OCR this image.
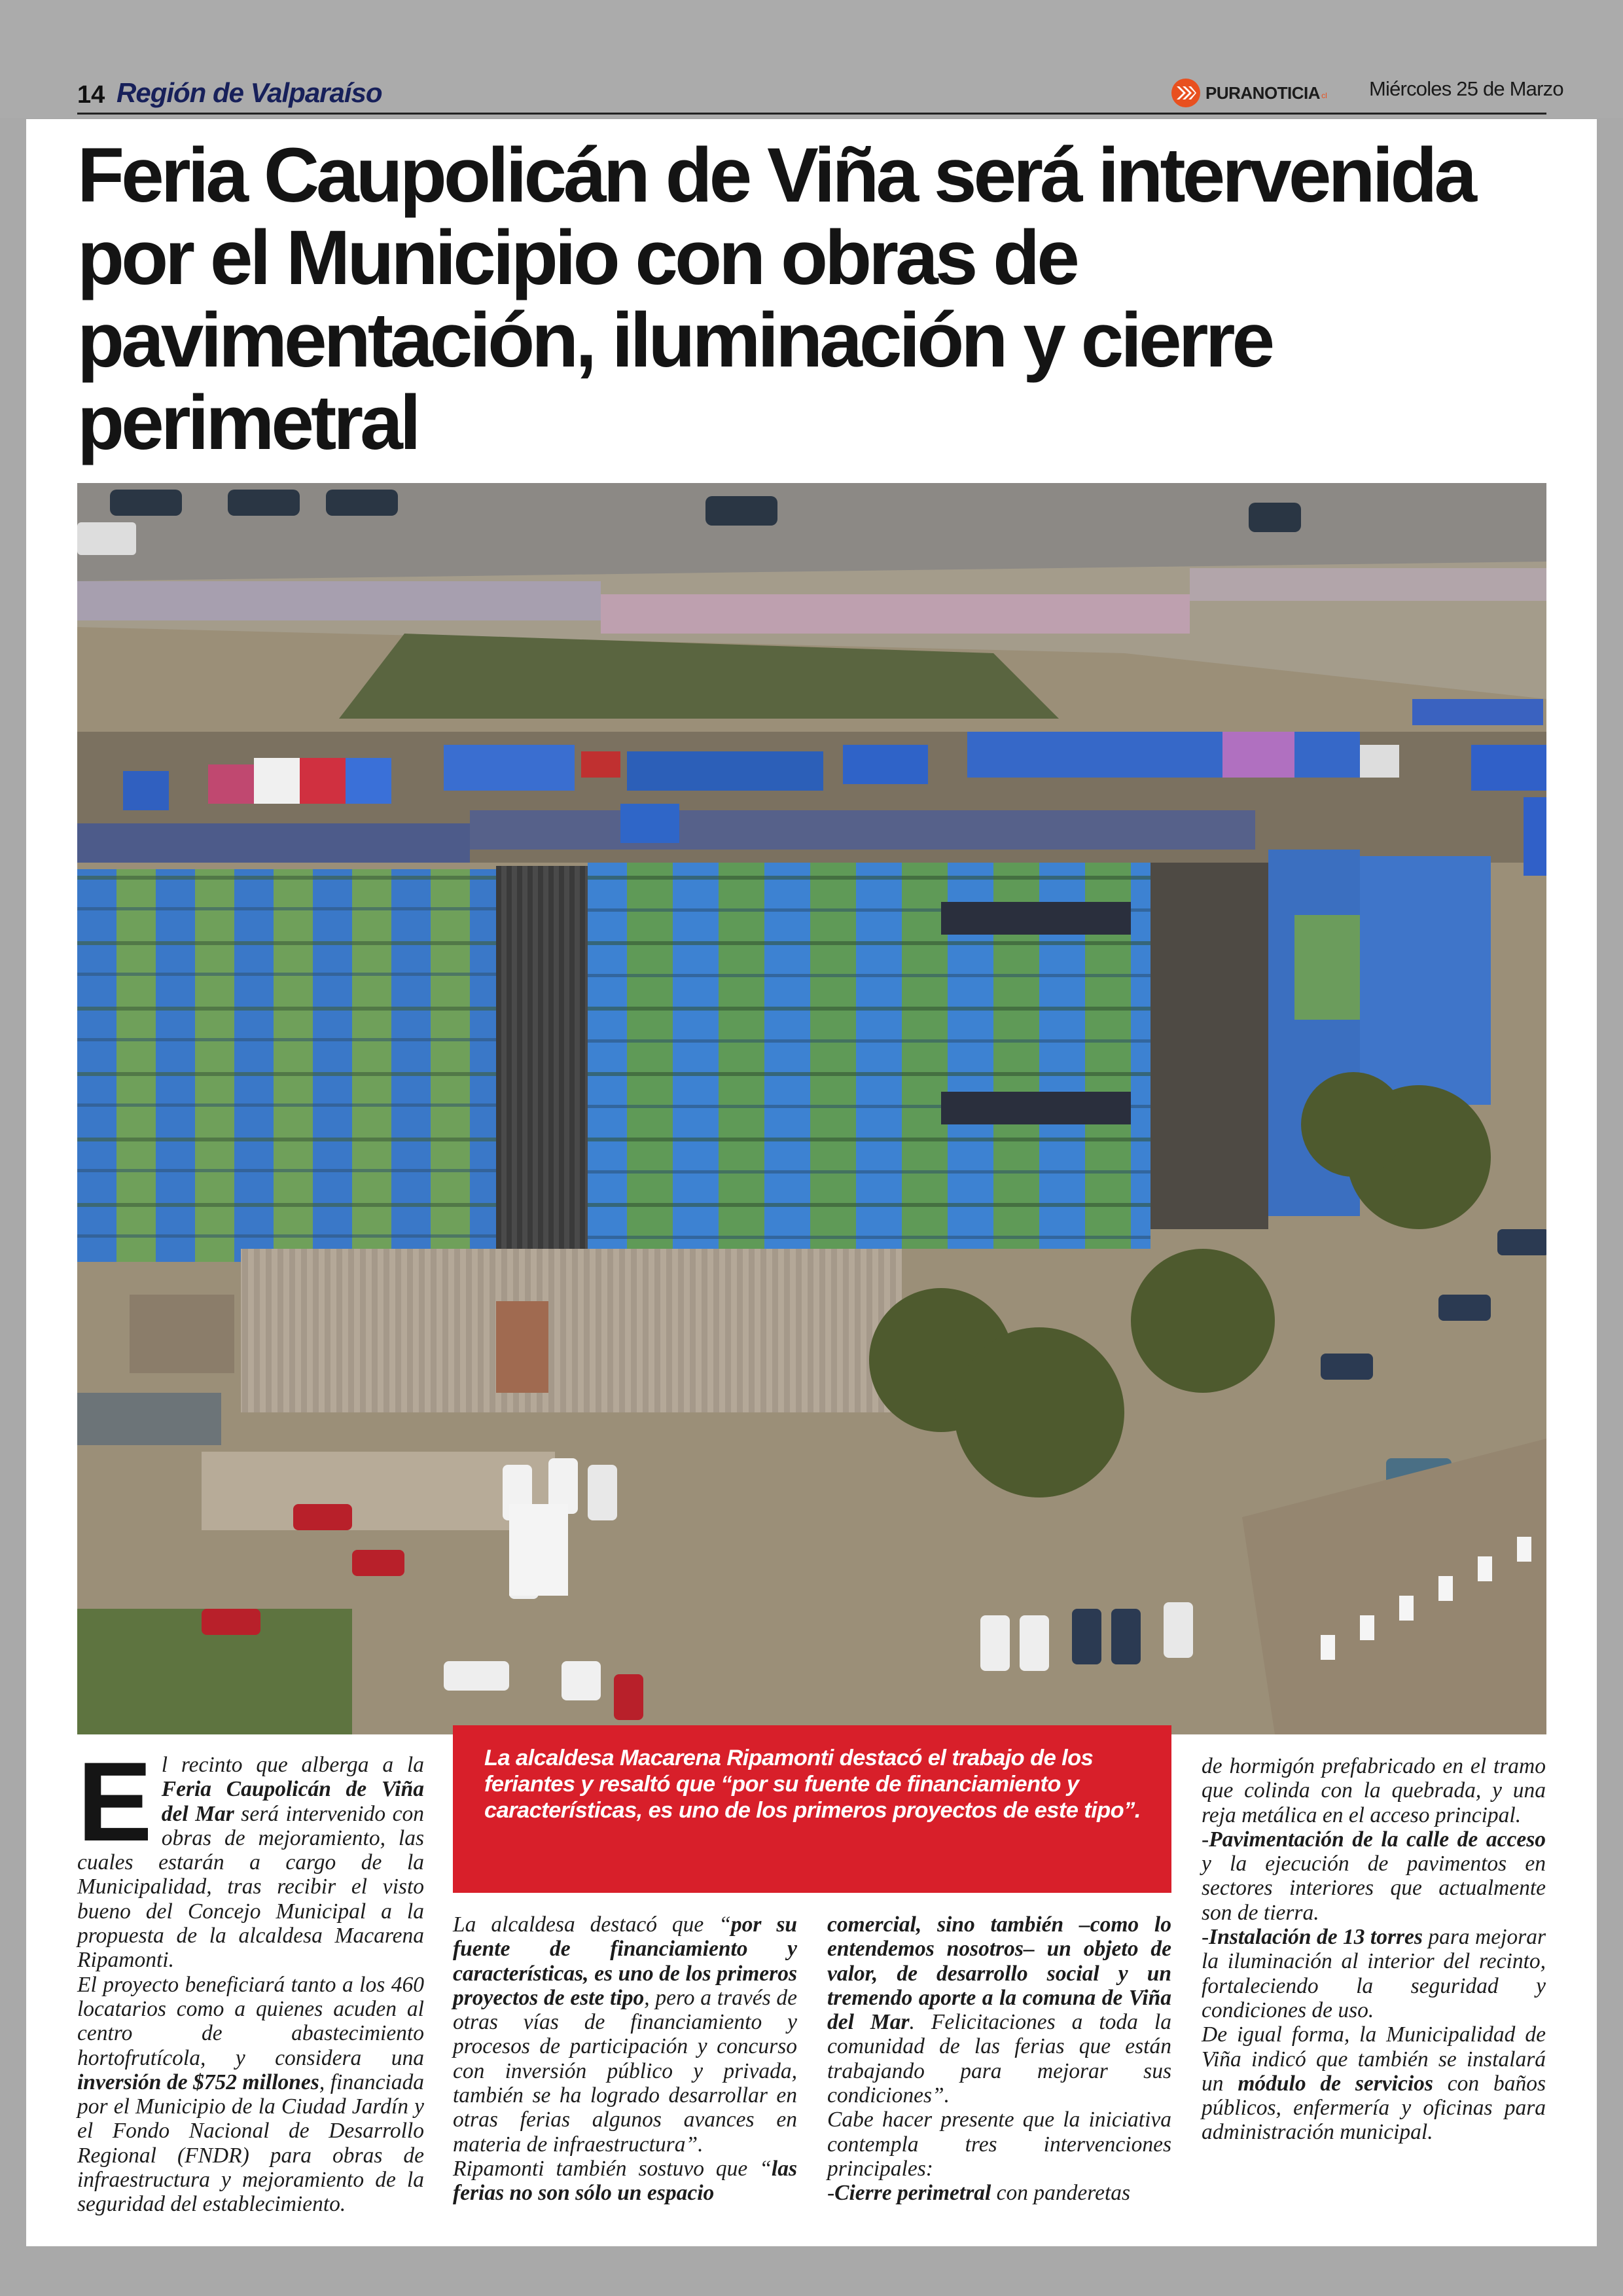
14 Región de Valparaíso	PURANOTICIA cl Miércoles 25 de Marzo
Feria Caupolicán de Viña será intervenida por el Municipio con obras de pavimentación, iluminación y cierre perimetral

El recinto que alberga a la Feria Caupolicán de Viña del Mar será intervenido con obras de mejoramiento, las cuales estarán a cargo de la Municipalidad, tras recibir el visto bueno del Concejo Municipal a la propuesta de la alcaldesa Macarena Ripamonti.

El proyecto beneficiará tanto a los 460 locatarios como a quienes acuden al centro de abastecimiento hortofrutícola, y considera una inversión de $752 millones, financiada por el Municipio de la Ciudad Jardín y el Fondo Nacional de Desarrollo Regional (FNDR) para obras de infraestructura y mejoramiento de la seguridad del establecimiento.

La alcaldesa Macarena Ripamonti destacó el trabajo de los feriantes y resaltó que “por su fuente de financiamiento y características, es uno de los primeros proyectos de este tipo”.

La alcaldesa destacó que “por su fuente de financiamiento y características, es uno de los primeros proyectos de este tipo, pero a través de otras vías de financiamiento y procesos de participación y concurso con inversión público y privada, también se ha logrado desarrollar en otras ferias algunos avances en materia de infraestructura”.

Ripamonti también sostuvo que “las ferias no son sólo un espacio

comercial, sino también –como lo entendemos nosotros– un objeto de valor, de desarrollo social y un tremendo aporte a la comuna de Viña del Mar. Felicitaciones a toda la comunidad de las ferias que están trabajando para mejorar sus condiciones”.

Cabe hacer presente que la iniciativa contempla tres intervenciones principales:

-Cierre perimetral con panderetas

de hormigón prefabricado en el tramo que colinda con la quebrada, y una reja metálica en el acceso principal.

-Pavimentación de la calle de acceso y la ejecución de pavimentos en sectores interiores que actualmente son de tierra.

-Instalación de 13 torres para mejorar la iluminación al interior del recinto, fortaleciendo la seguridad y condiciones de uso.

De igual forma, la Municipalidad de Viña indicó que también se instalará un módulo de servicios con baños públicos, enfermería y oficinas para administración municipal.
